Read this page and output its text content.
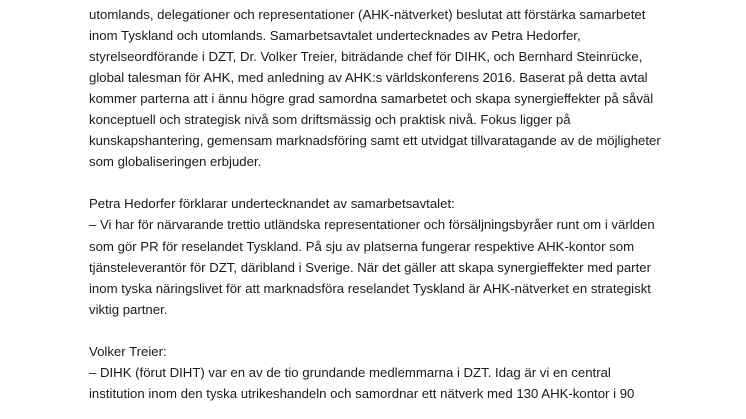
utomlands, delegationer och representationer (AHK-nätverket) beslutat att förstärka samarbetet
inom Tyskland och utomlands. Samarbetsavtalet undertecknades av Petra Hedorfer,
styrelseordförande i DZT, Dr. Volker Treier, biträdande chef för DIHK, och Bernhard Steinrücke,
global talesman för AHK, med anledning av AHK:s världskonferens 2016. Baserat på detta avtal
kommer parterna att i ännu högre grad samordna samarbetet och skapa synergieffekter på såväl
konceptuell och strategisk nivå som driftsmässig och praktisk nivå. Fokus ligger på
kunskapshantering, gemensam marknadsföring samt ett utvidgat tillvaratagande av de möjligheter
som globaliseringen erbjuder.
Petra Hedorfer förklarar undertecknandet av samarbetsavtalet:
– Vi har för närvarande trettio utländska representationer och försäljningsbyråer runt om i världen
som gör PR för reselandet Tyskland. På sju av platserna fungerar respektive AHK-kontor som
tjänsteleverantör för DZT, däribland i Sverige. När det gäller att skapa synergieffekter med parter
inom tyska näringslivet för att marknadsföra reselandet Tyskland är AHK-nätverket en strategiskt
viktig partner.
Volker Treier:
– DIHK (förut DIHT) var en av de tio grundande medlemmarna i DZT. Idag är vi en central
institution inom den tyska utrikeshandeln och samordnar ett nätverk med 130 AHK-kontor i 90
